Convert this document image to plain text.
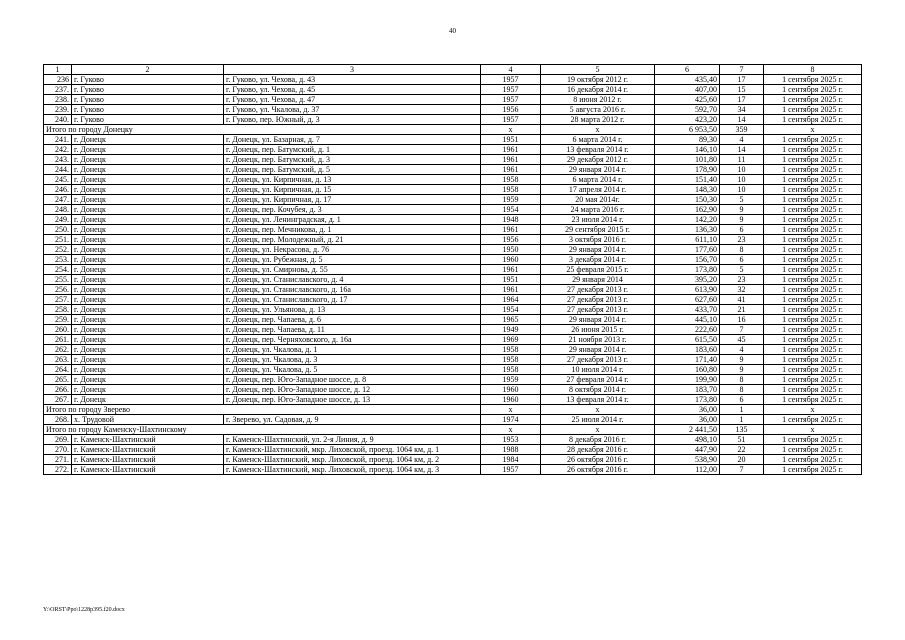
40
1	2	3	4	5	6	7	8
236	г. Гуково	г. Гуково, ул. Чехова, д. 43	1957	19 октября 2012 г.	435,40	17	1 сентября 2025 г.
237.	г. Гуково	г. Гуково, ул. Чехова, д. 45	1957	16 декабря 2014 г.	407,00	15	1 сентября 2025 г.
238.	г. Гуково	г. Гуково, ул. Чехова, д. 47	1957	8 июня 2012 г.	425,60	17	1 сентября 2025 г.
239.	г. Гуково	г. Гуково, ул. Чкалова, д. 37	1956	5 августа 2016 г.	592,70	34	1 сентября 2025 г.
240.	г. Гуково	г. Гуково, пер. Южный, д. 3	1957	28 марта 2012 г.	423,20	14	1 сентября 2025 г.
Итого по городу Донецку			x	x	6 953,50	359	x
241.	г. Донецк	г. Донецк, ул. Базарная, д. 7	1951	6 марта 2014 г.	89,30	4	1 сентября 2025 г.
242.	г. Донецк	г. Донецк, пер. Батумский, д. 1	1961	13 февраля 2014 г.	146,10	14	1 сентября 2025 г.
243.	г. Донецк	г. Донецк, пер. Батумский, д. 3	1961	29 декабря 2012 г.	101,80	11	1 сентября 2025 г.
244.	г. Донецк	г. Донецк, пер. Батумский, д. 5	1961	29 января 2014 г.	178,90	10	1 сентября 2025 г.
245.	г. Донецк	г. Донецк, ул. Кирпичная, д. 13	1958	6 марта 2014 г.	151,40	10	1 сентября 2025 г.
246.	г. Донецк	г. Донецк, ул. Кирпичная, д. 15	1958	17 апреля 2014 г.	148,30	10	1 сентября 2025 г.
247.	г. Донецк	г. Донецк, ул. Кирпичная, д. 17	1959	20 мая 2014г.	150,30	5	1 сентября 2025 г.
248.	г. Донецк	г. Донецк, пер. Кочубея, д. 3	1954	24 марта 2016 г.	162,90	9	1 сентября 2025 г.
249.	г. Донецк	г. Донецк, ул. Ленинградская, д. 1	1948	23 июля 2014 г.	142,20	9	1 сентября 2025 г.
250.	г. Донецк	г. Донецк, пер. Мечникова, д. 1	1961	29 сентября 2015 г.	136,30	6	1 сентября 2025 г.
251.	г. Донецк	г. Донецк, пер. Молодежный, д. 21	1956	3 октября 2016 г.	611,10	23	1 сентября 2025 г.
252.	г. Донецк	г. Донецк, ул. Некрасова, д. 76	1950	29 января 2014 г.	177,60	8	1 сентября 2025 г.
253.	г. Донецк	г. Донецк, ул. Рубежная, д. 5	1960	3 декабря 2014 г.	156,70	6	1 сентября 2025 г.
254.	г. Донецк	г. Донецк, ул. Смирнова, д. 55	1961	25 февраля 2015 г.	173,80	5	1 сентября 2025 г.
255.	г. Донецк	г. Донецк, ул. Станиславского, д. 4	1951	29 января 2014	395,20	23	1 сентября 2025 г.
256.	г. Донецк	г. Донецк, ул. Станиславского, д. 16а	1961	27 декабря 2013 г.	613,90	32	1 сентября 2025 г.
257.	г. Донецк	г. Донецк, ул. Станиславского, д. 17	1964	27 декабря 2013 г.	627,60	41	1 сентября 2025 г.
258.	г. Донецк	г. Донецк, ул. Ульянова, д. 13	1954	27 декабря 2013 г.	433,70	21	1 сентября 2025 г.
259.	г. Донецк	г. Донецк, пер. Чапаева, д. 6	1965	29 января 2014 г.	445,10	16	1 сентября 2025 г.
260.	г. Донецк	г. Донецк, пер. Чапаева, д. 11	1949	26 июня 2015 г.	222,60	7	1 сентября 2025 г.
261.	г. Донецк	г. Донецк, пер. Черняховского, д. 16а	1969	21 ноября 2013 г.	615,50	45	1 сентября 2025 г.
262.	г. Донецк	г. Донецк, ул. Чкалова, д. 1	1958	29 января 2014 г.	183,60	4	1 сентября 2025 г.
263.	г. Донецк	г. Донецк, ул. Чкалова, д. 3	1958	27 декабря 2013 г.	171,40	9	1 сентября 2025 г.
264.	г. Донецк	г. Донецк, ул. Чкалова, д. 5	1958	10 июля 2014 г.	160,80	9	1 сентября 2025 г.
265.	г. Донецк	г. Донецк, пер. Юго-Западное шоссе, д. 8	1959	27 февраля 2014 г.	199,90	8	1 сентября 2025 г.
266.	г. Донецк	г. Донецк, пер. Юго-Западное шоссе, д. 12	1960	8 октября 2014 г.	183,70	8	1 сентября 2025 г.
267.	г. Донецк	г. Донецк, пер. Юго-Западное шоссе, д. 13	1960	13 февраля 2014 г.	173,80	6	1 сентября 2025 г.
Итого по городу Зверево			x	x	36,00	1	x
268.	х. Трудовой	г. Зверево, ул. Садовая, д. 9	1974	25 июля 2014 г.	36,00	1	1 сентября 2025 г.
Итого по городу Каменску-Шахтинскому			x	x	2 441,50	135	x
269.	г. Каменск-Шахтинский	г. Каменск-Шахтинский, ул. 2-я Линия, д. 9	1953	8 декабря 2016 г.	498,10	51	1 сентября 2025 г.
270.	г. Каменск-Шахтинский	г. Каменск-Шахтинский, мкр. Лиховской, проезд. 1064 км, д. 1	1988	28 декабря 2016 г.	447,90	22	1 сентября 2025 г.
271.	г. Каменск-Шахтинский	г. Каменск-Шахтинский, мкр. Лиховской, проезд. 1064 км, д. 2	1984	26 октября 2016 г.	538,90	20	1 сентября 2025 г.
272.	г. Каменск-Шахтинский	г. Каменск-Шахтинский, мкр. Лиховской, проезд. 1064 км, д. 3	1957	26 октября 2016 г.	112,00	7	1 сентября 2025 г.
Y:\ORST\Ppo\1228p395.f20.docx
